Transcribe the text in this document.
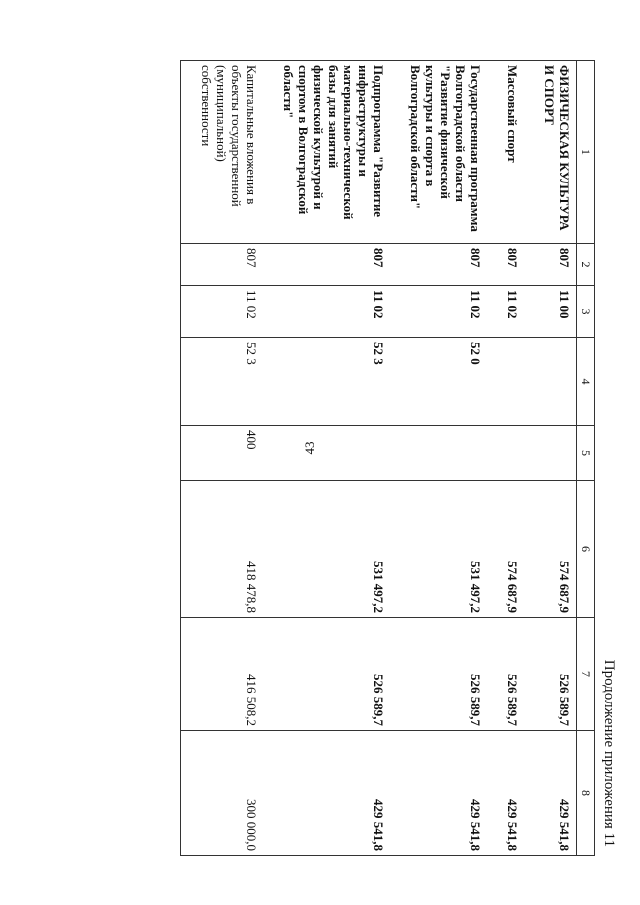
43
Продолжение приложения 11
1	2	3	4	5	6	7	8
ФИЗИЧЕСКАЯ КУЛЬТУРА И СПОРТ	807	11 00			574 687,9	526 589,7	429 541,8
Массовый спорт	807	11 02			574 687,9	526 589,7	429 541,8
Государственная программа Волгоградской области "Развитие физической культуры и спорта в Волгоградской области"	807	11 02	52 0		531 497,2	526 589,7	429 541,8
Подпрограмма "Развитие инфраструктуры и материально-технической базы для занятий физической культурой и спортом в Волгоградской области"	807	11 02	52 3		531 497,2	526 589,7	429 541,8
Капитальные вложения в объекты государственной (муниципальной) собственности	807	11 02	52 3	400	418 478,8	416 508,2	300 000,0
